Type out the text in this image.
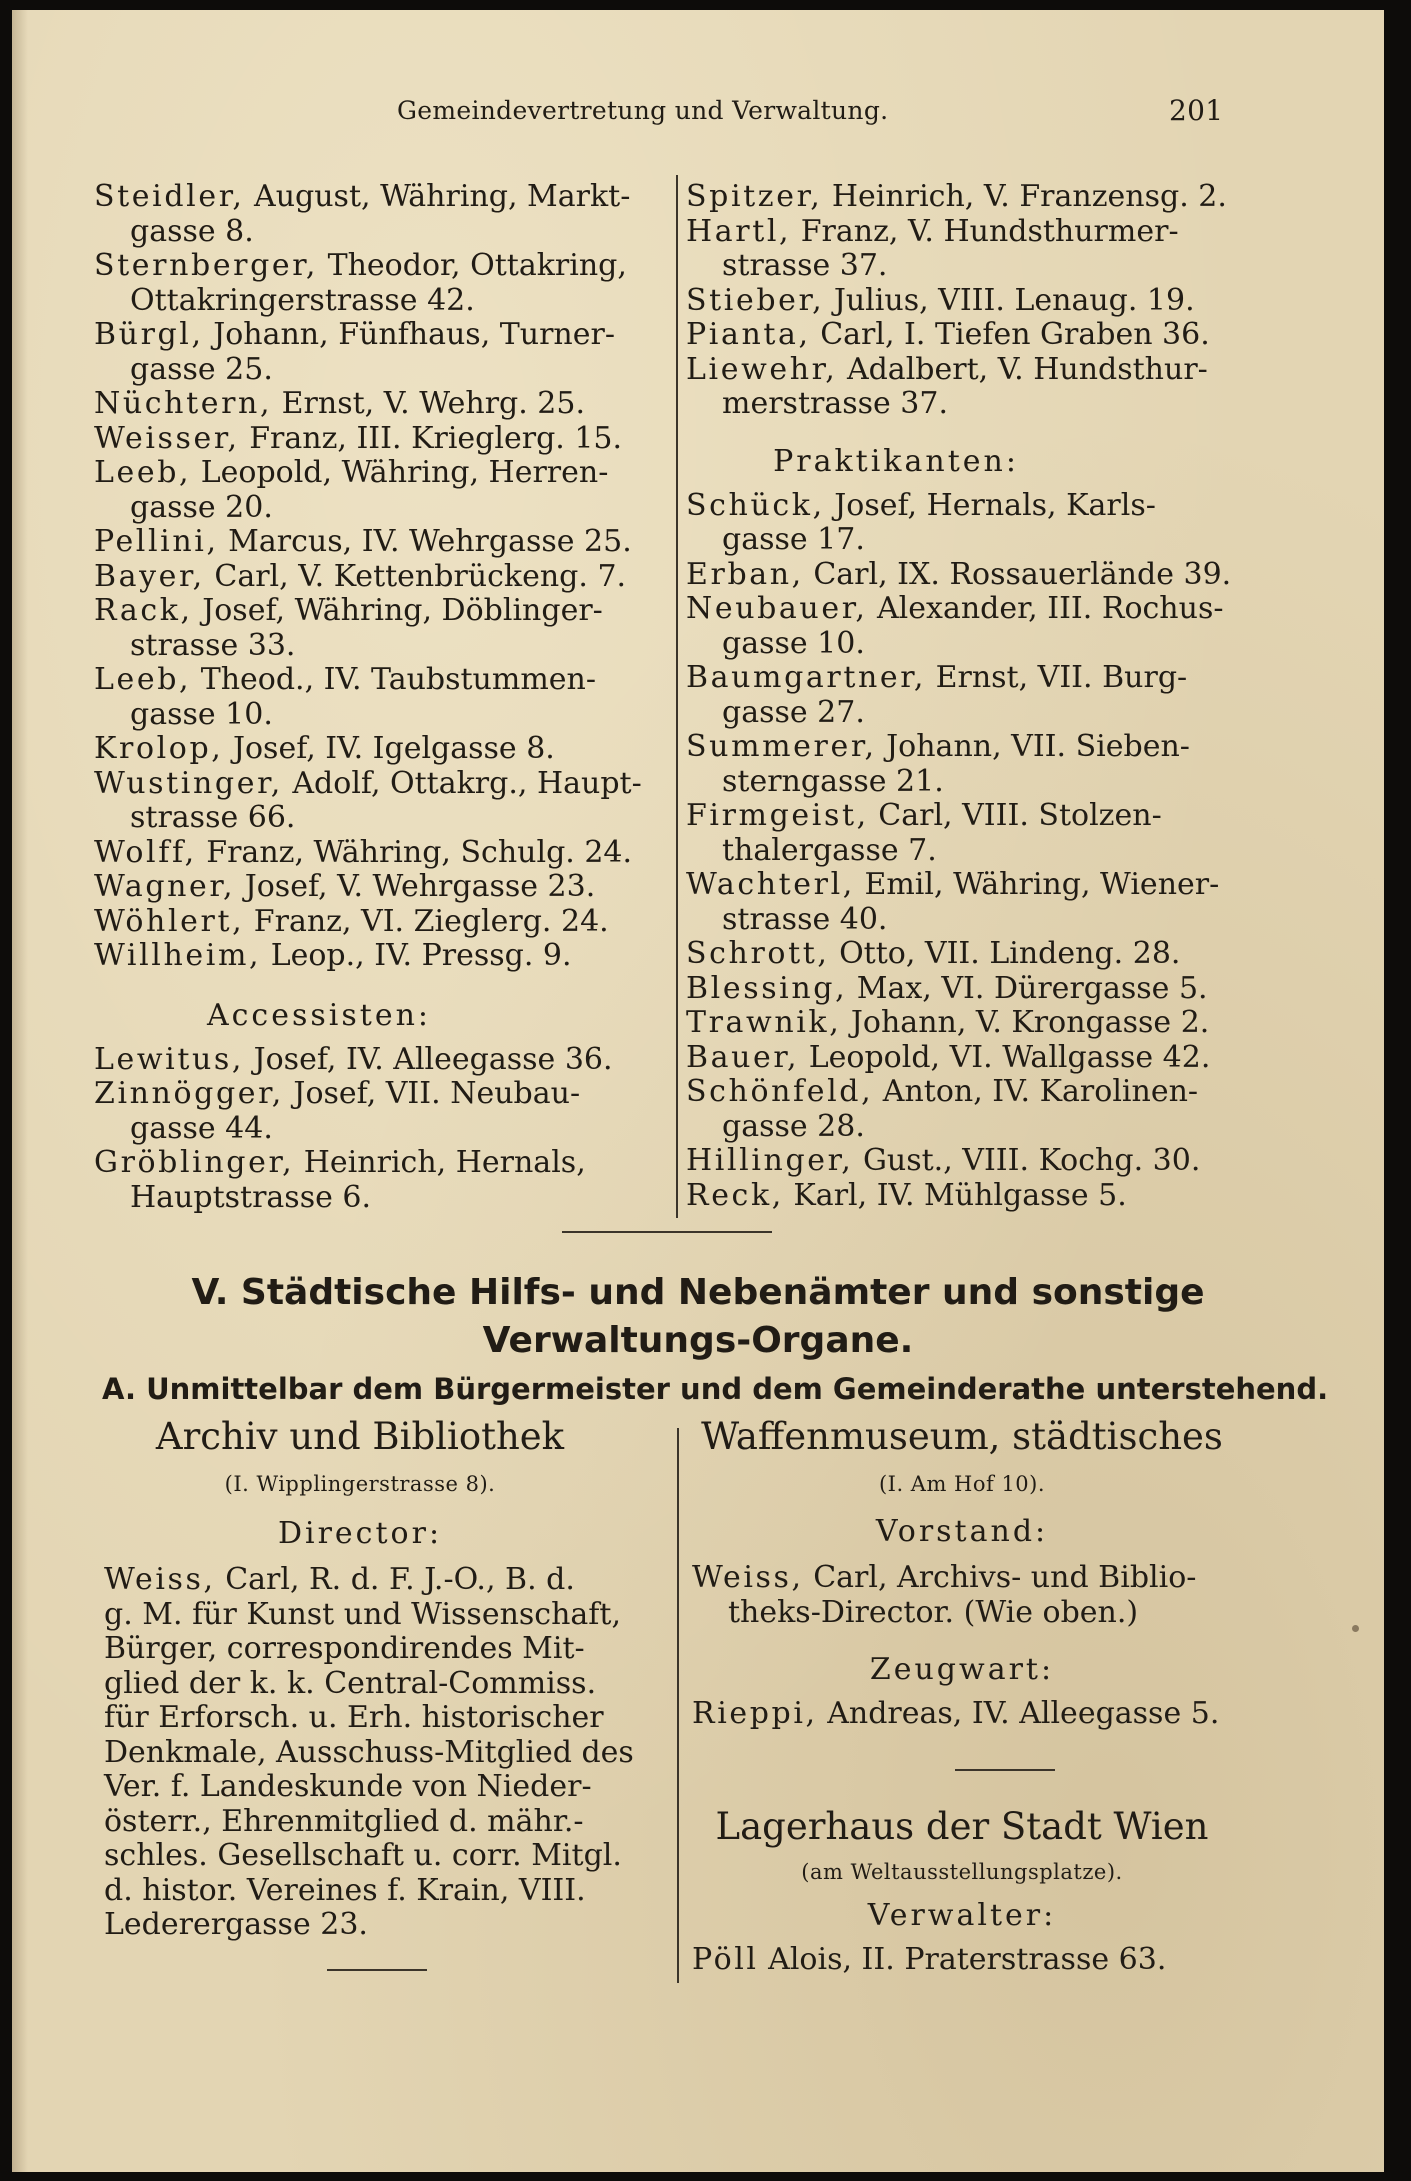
Gemeindevertretung und Verwaltung.	201
Steidler, August, Währing, Markt-
gasse 8.
Sternberger, Theodor, Ottakring,
Ottakringerstrasse 42.
Bürgl, Johann, Fünfhaus, Turner-
gasse 25.
Nüchtern, Ernst, V. Wehrg. 25.
Weisser, Franz, III. Krieglerg. 15.
Leeb, Leopold, Währing, Herren-
gasse 20.
Pellini, Marcus, IV. Wehrgasse 25.
Bayer, Carl, V. Kettenbrückeng. 7.
Rack, Josef, Währing, Döblinger-
strasse 33.
Leeb, Theod., IV. Taubstummen-
gasse 10.
Krolop, Josef, IV. Igelgasse 8.
Wustinger, Adolf, Ottakrg., Haupt-
strasse 66.
Wolff, Franz, Währing, Schulg. 24.
Wagner, Josef, V. Wehrgasse 23.
Wöhlert, Franz, VI. Zieglerg. 24.
Willheim, Leop., IV. Pressg. 9.
Accessisten:
Lewitus, Josef, IV. Alleegasse 36.
Zinnögger, Josef, VII. Neubau-
gasse 44.
Gröblinger, Heinrich, Hernals,
Hauptstrasse 6.
Spitzer, Heinrich, V. Franzensg. 2.
Hartl, Franz, V. Hundsthurmer-
strasse 37.
Stieber, Julius, VIII. Lenaug. 19.
Pianta, Carl, I. Tiefen Graben 36.
Liewehr, Adalbert, V. Hundsthur-
merstrasse 37.
Praktikanten:
Schück, Josef, Hernals, Karls-
gasse 17.
Erban, Carl, IX. Rossauerlände 39.
Neubauer, Alexander, III. Rochus-
gasse 10.
Baumgartner, Ernst, VII. Burg-
gasse 27.
Summerer, Johann, VII. Sieben-
sterngasse 21.
Firmgeist, Carl, VIII. Stolzen-
thalergasse 7.
Wachterl, Emil, Währing, Wiener-
strasse 40.
Schrott, Otto, VII. Lindeng. 28.
Blessing, Max, VI. Dürergasse 5.
Trawnik, Johann, V. Krongasse 2.
Bauer, Leopold, VI. Wallgasse 42.
Schönfeld, Anton, IV. Karolinen-
gasse 28.
Hillinger, Gust., VIII. Kochg. 30.
Reck, Karl, IV. Mühlgasse 5.
V. Städtische Hilfs- und Nebenämter und sonstige
Verwaltungs-Organe.
A. Unmittelbar dem Bürgermeister und dem Gemeinderathe unterstehend.
Archiv und Bibliothek
(I. Wipplingerstrasse 8).
Director:
Weiss, Carl, R. d. F. J.-O., B. d.
g. M. für Kunst und Wissenschaft,
Bürger, correspondirendes Mit-
glied der k. k. Central-Commiss.
für Erforsch. u. Erh. historischer
Denkmale, Ausschuss-Mitglied des
Ver. f. Landeskunde von Nieder-
österr., Ehrenmitglied d. mähr.-
schles. Gesellschaft u. corr. Mitgl.
d. histor. Vereines f. Krain, VIII.
Lederergasse 23.
Waffenmuseum, städtisches
(I. Am Hof 10).
Vorstand:
Weiss, Carl, Archivs- und Biblio-
theks-Director. (Wie oben.)
Zeugwart:
Rieppi, Andreas, IV. Alleegasse 5.
Lagerhaus der Stadt Wien
(am Weltausstellungsplatze).
Verwalter:
Pöll Alois, II. Praterstrasse 63.
